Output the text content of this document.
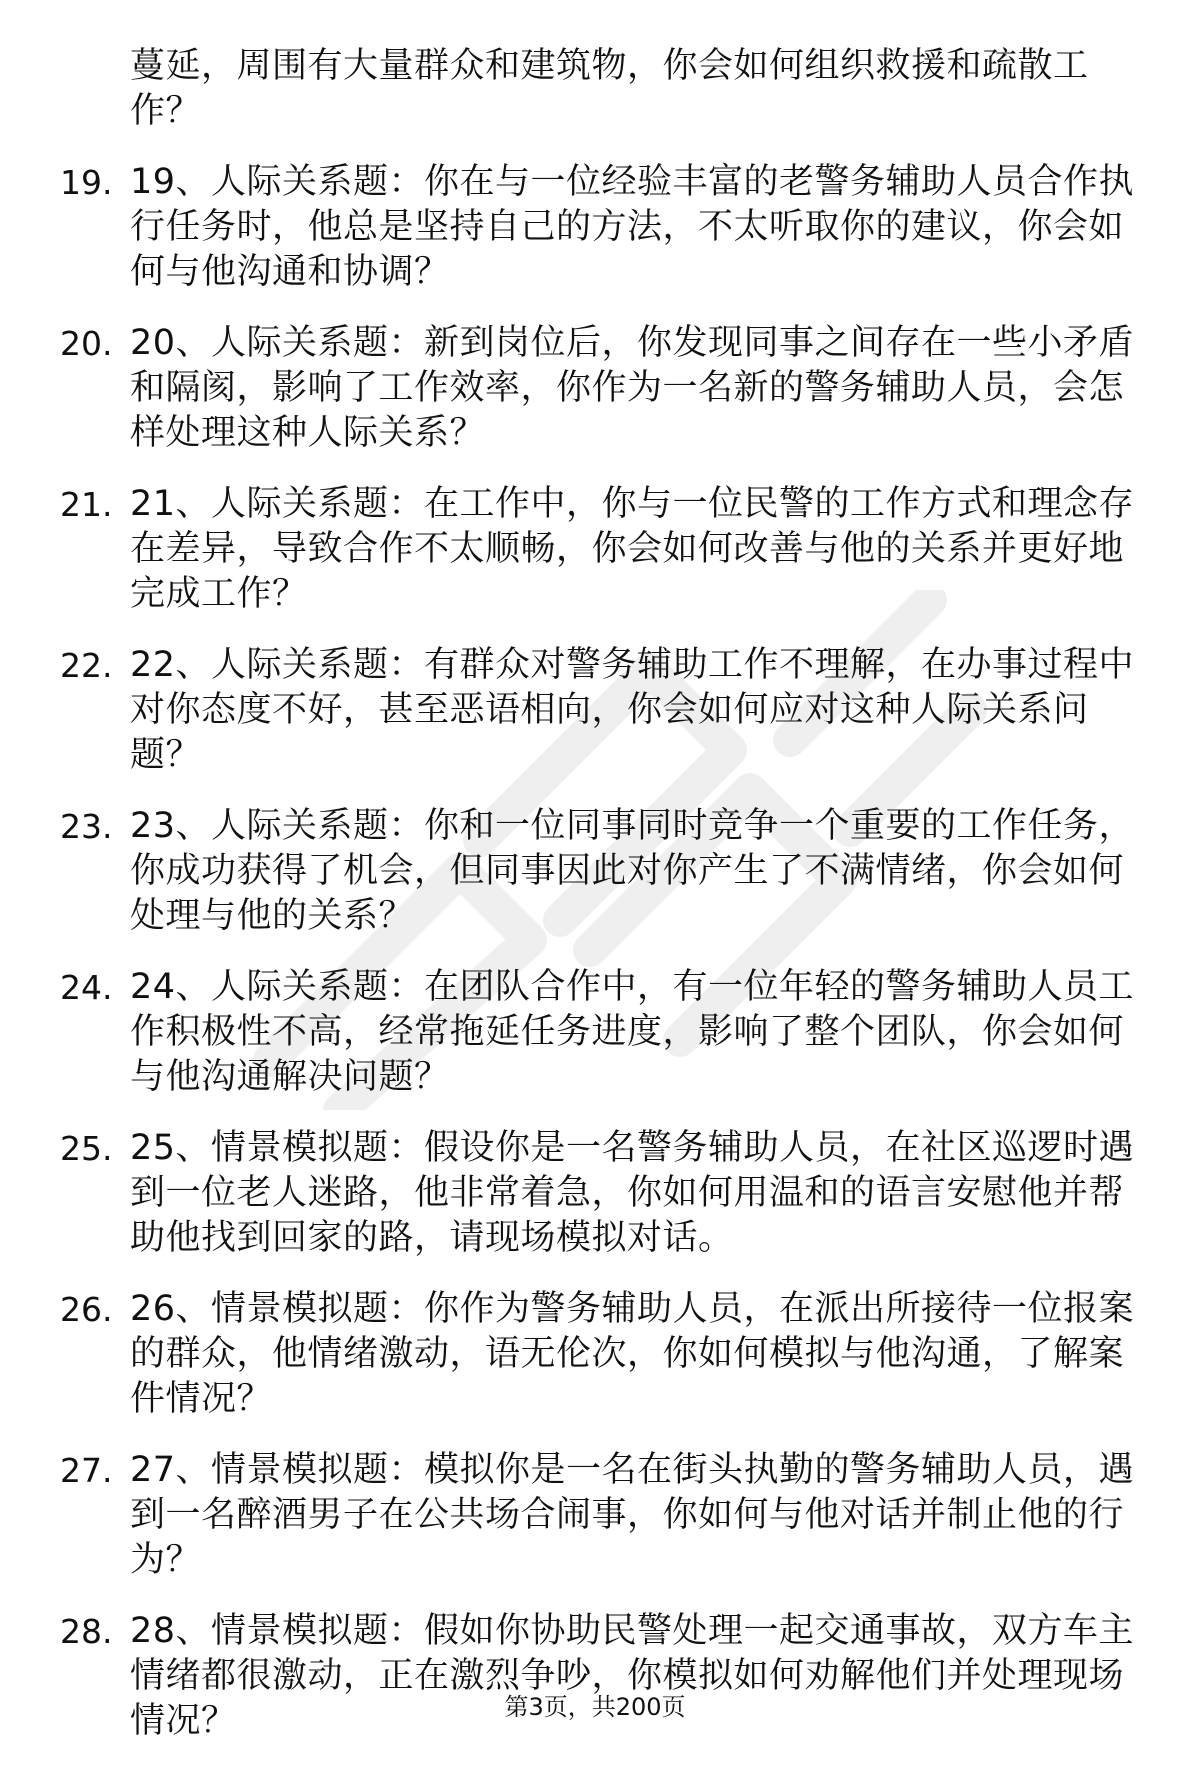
蔓延，周围有大量群众和建筑物，你会如何组织救援和疏散工作？
19. 19、人际关系题：你在与一位经验丰富的老警务辅助人员合作执行任务时，他总是坚持自己的方法，不太听取你的建议，你会如何与他沟通和协调？
20. 20、人际关系题：新到岗位后，你发现同事之间存在一些小矛盾和隔阂，影响了工作效率，你作为一名新的警务辅助人员，会怎样处理这种人际关系？
21. 21、人际关系题：在工作中，你与一位民警的工作方式和理念存在差异，导致合作不太顺畅，你会如何改善与他的关系并更好地完成工作？
22. 22、人际关系题：有群众对警务辅助工作不理解，在办事过程中对你态度不好，甚至恶语相向，你会如何应对这种人际关系问题？
23. 23、人际关系题：你和一位同事同时竞争一个重要的工作任务，你成功获得了机会，但同事因此对你产生了不满情绪，你会如何处理与他的关系？
24. 24、人际关系题：在团队合作中，有一位年轻的警务辅助人员工作积极性不高，经常拖延任务进度，影响了整个团队，你会如何与他沟通解决问题？
25. 25、情景模拟题：假设你是一名警务辅助人员，在社区巡逻时遇到一位老人迷路，他非常着急，你如何用温和的语言安慰他并帮助他找到回家的路，请现场模拟对话。
26. 26、情景模拟题：你作为警务辅助人员，在派出所接待一位报案的群众，他情绪激动，语无伦次，你如何模拟与他沟通，了解案件情况？
27. 27、情景模拟题：模拟你是一名在街头执勤的警务辅助人员，遇到一名醉酒男子在公共场合闹事，你如何与他对话并制止他的行为？
28. 28、情景模拟题：假如你协助民警处理一起交通事故，双方车主情绪都很激动，正在激烈争吵，你模拟如何劝解他们并处理现场情况？	第3页，共200页
